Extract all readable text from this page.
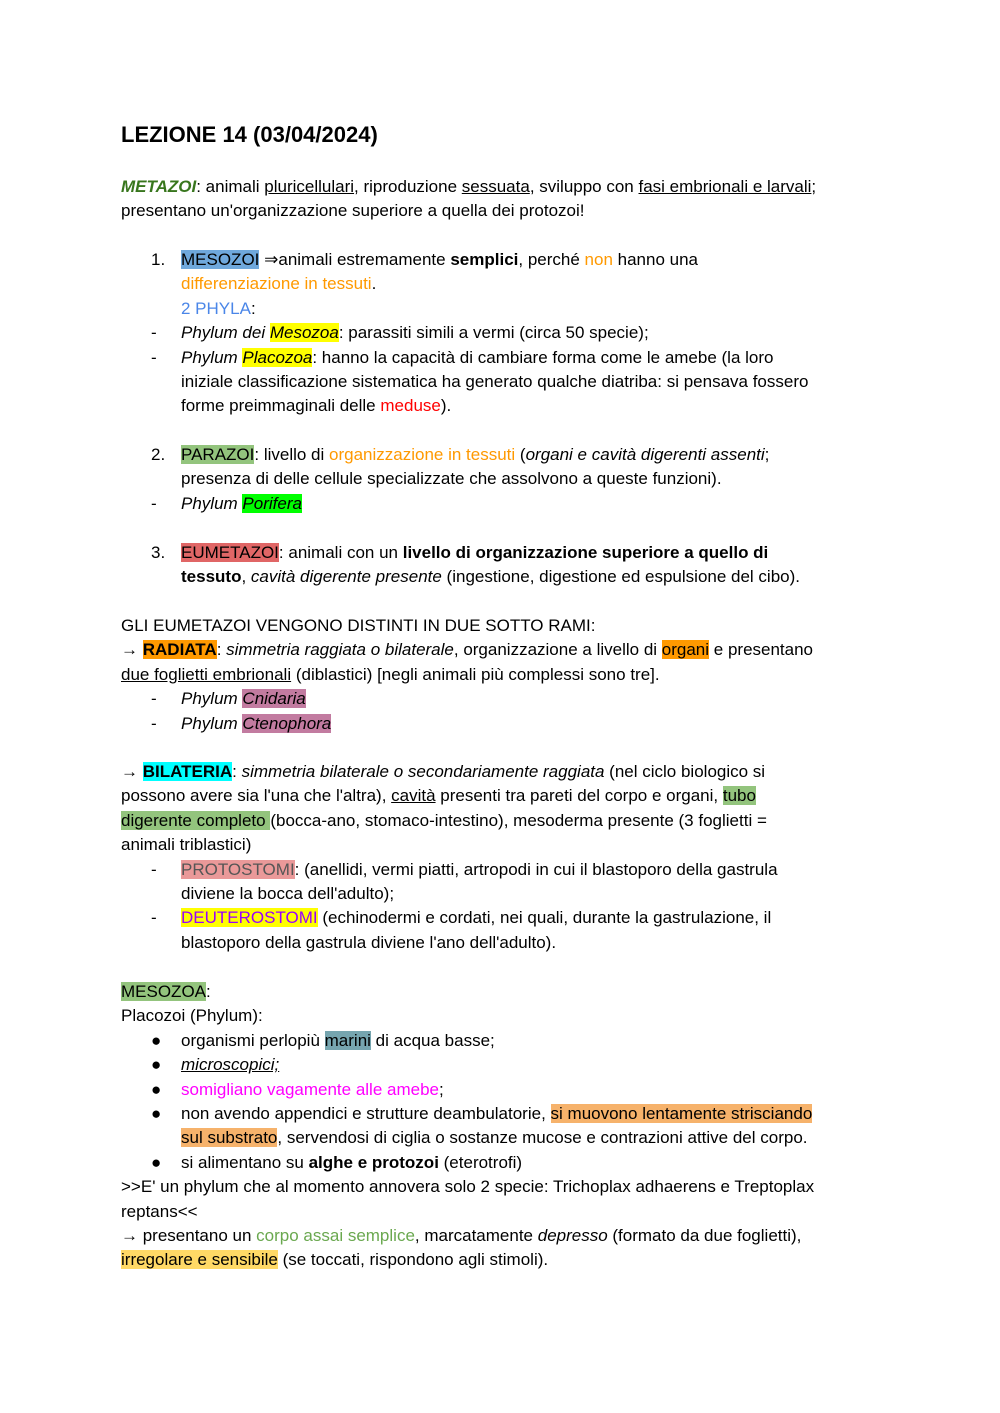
LEZIONE 14 (03/04/2024)

METAZOI: animali pluricellulari, riproduzione sessuata, sviluppo con fasi embrionali e larvali;

presentano un'organizzazione superiore a quella dei protozoi!

1. MESOZOI ⇒animali estremamente semplici, perché non hanno una

differenziazione in tessuti.

2 PHYLA:

- Phylum dei Mesozoa: parassiti simili a vermi (circa 50 specie);

- Phylum Placozoa: hanno la capacità di cambiare forma come le amebe (la loro

iniziale classificazione sistematica ha generato qualche diatriba: si pensava fossero

forme preimmaginali delle meduse).

2. PARAZOI: livello di organizzazione in tessuti (organi e cavità digerenti assenti;

presenza di delle cellule specializzate che assolvono a queste funzioni).

- Phylum Porifera

3. EUMETAZOI: animali con un livello di organizzazione superiore a quello di

tessuto, cavità digerente presente (ingestione, digestione ed espulsione del cibo).

GLI EUMETAZOI VENGONO DISTINTI IN DUE SOTTO RAMI:

→ RADIATA: simmetria raggiata o bilaterale, organizzazione a livello di organi e presentano

due foglietti embrionali (diblastici) [negli animali più complessi sono tre].

- Phylum Cnidaria

- Phylum Ctenophora

→ BILATERIA: simmetria bilaterale o secondariamente raggiata (nel ciclo biologico si

possono avere sia l'una che l'altra), cavità presenti tra pareti del corpo e organi, tubo

digerente completo (bocca-ano, stomaco-intestino), mesoderma presente (3 foglietti =

animali triblastici)

- PROTOSTOMI: (anellidi, vermi piatti, artropodi in cui il blastoporo della gastrula

diviene la bocca dell'adulto);

- DEUTEROSTOMI (echinodermi e cordati, nei quali, durante la gastrulazione, il

blastoporo della gastrula diviene l'ano dell'adulto).

MESOZOA:

Placozoi (Phylum):

● organismi perlopiù marini di acqua basse;

● microscopici;

● somigliano vagamente alle amebe;

● non avendo appendici e strutture deambulatorie, si muovono lentamente strisciando

sul substrato, servendosi di ciglia o sostanze mucose e contrazioni attive del corpo.

● si alimentano su alghe e protozoi (eterotrofi)

>>E' un phylum che al momento annovera solo 2 specie: Trichoplax adhaerens e Treptoplax

reptans<<

→ presentano un corpo assai semplice, marcatamente depresso (formato da due foglietti),

irregolare e sensibile (se toccati, rispondono agli stimoli).
